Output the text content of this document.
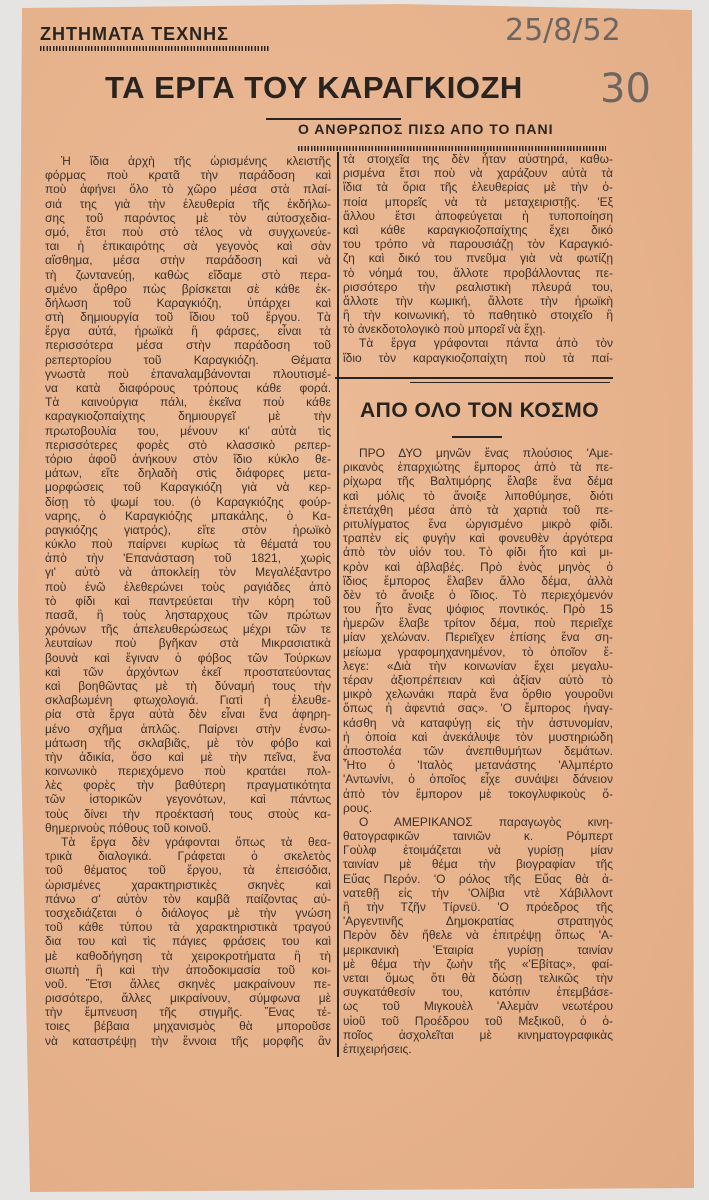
ΖΗΤΗΜΑΤΑ ΤΕΧΝΗΣ
ΤΑ ΕΡΓΑ ΤΟΥ ΚΑΡΑΓΚΙΟΖΗ
25/8/52
30
Ο ΑΝΘΡΩΠΟΣ ΠΙΣΩ ΑΠΟ ΤΟ ΠΑΝΙ
Ἡ ἴδια ἀρχὴ τῆς ὡρισμένης κλειστῆς
φόρμας ποὺ κρατᾶ τὴν παράδοση καὶ
ποὺ ἀφήνει ὅλο τὸ χῶρο μέσα στὰ πλαί-
σιά της γιὰ τὴν ἐλευθερία τῆς ἐκδήλω-
σης τοῦ παρόντος μὲ τὸν αὐτοσχεδια-
σμό, ἔτσι ποὺ στὸ τέλος νὰ συγχωνεύε-
ται ἡ ἐπικαιρότης σὰ γεγονὸς καὶ σὰν
αἴσθημα, μέσα στὴν παράδοση καὶ νὰ
τὴ ζωντανεύῃ, καθὼς εἴδαμε στὸ περα-
σμένο ἄρθρο πὼς βρίσκεται σὲ κάθε ἐκ-
δήλωση τοῦ Καραγκιόζη, ὑπάρχει καὶ
στὴ δημιουργία τοῦ ἴδιου τοῦ ἔργου. Τὰ
ἔργα αὐτά, ἡρωϊκὰ ἢ φάρσες, εἶναι τὰ
περισσότερα μέσα στὴν παράδοση τοῦ
ρεπερτορίου τοῦ Καραγκιόζη. Θέματα
γνωστὰ ποὺ ἐπαναλαμβάνονται πλουτισμέ-
να κατὰ διαφόρους τρόπους κάθε φορά.
Τὰ καινούργια πάλι, ἐκεῖνα ποὺ κάθε
καραγκιοζοπαίχτης δημιουργεῖ μὲ τὴν
πρωτοβουλία του, μένουν κι' αὐτὰ τὶς
περισσότερες φορὲς στὸ κλασσικὸ ρεπερ-
τόριο ἀφοῦ ἀνήκουν στὸν ἴδιο κύκλο θε-
μάτων, εἴτε δηλαδὴ στὶς διάφορες μετα-
μορφώσεις τοῦ Καραγκιόζη γιὰ νὰ κερ-
δίσῃ τὸ ψωμί του. (ὁ Καραγκιόζης φούρ-
ναρης, ὁ Καραγκιόζης μπακάλης, ὁ Κα-
ραγκιόζης γιατρός), εἴτε στὸν ἡρωϊκὸ
κύκλο ποὺ παίρνει κυρίως τὰ θέματά του
ἀπὸ τὴν 'Επανάσταση τοῦ 1821, χωρὶς
γι' αὐτὸ νὰ ἀποκλείῃ τὸν Μεγαλέξαντρο
ποὺ ἐνῶ ἐλεθερώνει τοὺς ραγιάδες ἀπὸ
τὸ φίδι καὶ παντρεύεται τὴν κόρη τοῦ
πασᾶ, ἢ τοὺς λησταρχους τῶν πρώτων
χρόνων τῆς ἀπελευθερώσεως μέχρι τῶν τε
λευταίων ποὺ βγῆκαν στὰ Μικρασιατικὰ
βουνὰ καὶ ἔγιναν ὁ φόβος τῶν Τούρκων
καὶ τῶν ἀρχόντων ἐκεῖ προστατεύοντας
καὶ βοηθῶντας μὲ τὴ δύναμή τους τὴν
σκλαβωμένη φτωχολογιά. Γιατὶ ἡ ἐλευθε-
ρία στὰ ἔργα αὐτὰ δὲν εἶναι ἕνα ἀφηρη-
μένο σχῆμα ἁπλῶς. Παίρνει στὴν ἐνσω-
μάτωση τῆς σκλαβιᾶς, μὲ τὸν φόβο καὶ
τὴν ἀδικία, ὅσο καὶ μὲ τὴν πεῖνα, ἕνα
κοινωνικὸ περιεχόμενο ποὺ κρατάει πολ-
λὲς φορὲς τὴν βαθύτερη πραγματικότητα
τῶν ἱστορικῶν γεγονότων, καὶ πάντως
τοὺς δίνει τὴν προέκτασή τους στοὺς κα-
θημερινοὺς πόθους τοῦ κοινοῦ.
Τὰ ἔργα δὲν γράφονται ὅπως τὰ θεα-
τρικὰ διαλογικά. Γράφεται ὁ σκελετὸς
τοῦ θέματος τοῦ ἔργου, τὰ ἐπεισόδια,
ὡρισμένες χαρακτηριστικὲς σκηνὲς καὶ
πάνω σ' αὐτὸν τὸν καμβᾶ παίζοντας αὐ-
τοσχεδιάζεται ὁ διάλογος μὲ τὴν γνώση
τοῦ κάθε τύπου τὰ χαρακτηριστικὰ τραγού
δια του καὶ τὶς πάγιες φράσεις του καὶ
μὲ καθοδήγηση τὰ χειροκροτήματα ἢ τὴ
σιωπὴ ἢ καὶ τὴν ἀποδοκιμασία τοῦ κοι-
νοῦ. Ἔτσι ἄλλες σκηνὲς μακραίνουν πε-
ρισσότερο, ἄλλες μικραίνουν, σύμφωνα μὲ
τὴν ἔμπνευση τῆς στιγμῆς. Ἕνας τέ-
τοιες βέβαια μηχανισμὸς θὰ μποροῦσε
νὰ καταστρέψῃ τὴν ἔννοια τῆς μορφῆς ἂν
τὰ στοιχεῖα της δὲν ἦταν αὐστηρά, καθω-
ρισμένα ἔτσι ποὺ νὰ χαράζουν αὐτὰ τὰ
ἴδια τὰ ὅρια τῆς ἐλευθερίας μὲ τὴν ὁ-
ποία μπορεῖς νὰ τὰ μεταχειριστῇς. 'Εξ
ἄλλου ἔτσι ἀποφεύγεται ἡ τυποποίηση
καὶ κάθε καραγκιοζοπαίχτης ἔχει δικό
του τρόπο νὰ παρουσιάζῃ τὸν Καραγκιό-
ζη καὶ δικό του πνεῦμα γιὰ νὰ φωτίζῃ
τὸ νόημά του, ἄλλοτε προβάλλοντας πε-
ρισσότερο τὴν ρεαλιστικὴ πλευρά του,
ἄλλοτε τὴν κωμική, ἄλλοτε τὴν ἡρωϊκὴ
ἢ τὴν κοινωνική, τὸ παθητικὸ στοιχεῖο ἢ
τὸ ἀνεκδοτολογικὸ ποὺ μπορεῖ νὰ ἔχῃ.
Τὰ ἔργα γράφονται πάντα ἀπὸ τὸν
ἴδιο τὸν καραγκιοζοπαίχτη ποὺ τὰ παί-
ΑΠΟ ΟΛΟ ΤΟΝ ΚΟΣΜΟ
ΠΡΟ ΔΥΟ μηνῶν ἕνας πλούσιος 'Αμε-
ρικανὸς ἐπαρχιώτης ἔμπορος ἀπὸ τὰ πε-
ρίχωρα τῆς Βαλτιμόρης ἔλαβε ἕνα δέμα
καὶ μόλις τὸ ἄνοιξε λιποθύμησε, διότι
ἐπετάχθη μέσα ἀπὸ τὰ χαρτιὰ τοῦ πε-
ριτυλίγματος ἕνα ὠργισμένο μικρὸ φίδι.
τραπὲν εἰς φυγὴν καὶ φονευθὲν ἀργότερα
ἀπὸ τὸν υἱόν του. Τὸ φίδι ἦτο καὶ μι-
κρὸν καὶ ἀβλαβές. Πρὸ ἑνὸς μηνὸς ὁ
ἴδιος ἔμπορος ἔλαβεν ἄλλο δέμα, ἀλλὰ
δὲν τὸ ἄνοιξε ὁ ἴδιος. Τὸ περιεχόμενόν
του ἦτο ἕνας ψόφιος ποντικός. Πρὸ 15
ἡμερῶν ἔλαβε τρίτον δέμα, ποὺ περιεῖχε
μίαν χελώναν. Περιεῖχεν ἐπίσης ἕνα ση-
μείωμα γραφομηχανημένον, τὸ ὁποῖον ἔ-
λεγε: «Διὰ τὴν κοινωνίαν ἔχει μεγαλυ-
τέραν ἀξιοπρέπειαν καὶ ἀξίαν αὐτὸ τὸ
μικρὸ χελωνάκι παρὰ ἕνα ὄρθιο γουροῦνι
ὅπως ἡ ἀφεντιά σας». 'Ο ἔμπορος ἠναγ-
κάσθη νὰ καταφύγῃ εἰς τὴν ἀστυνομίαν,
ἡ ὁποία καὶ ἀνεκάλυψε τὸν μυστηριώδη
ἀποστολέα τῶν ἀνεπιθυμήτων δεμάτων.
Ἦτο ὁ 'Ιταλὸς μετανάστης 'Αλμπέρτο
'Αντωνίνι, ὁ ὁποῖος εἶχε συνάψει δάνειον
ἀπὸ τὸν ἔμπορον μὲ τοκογλυφικοὺς ὅ-
ρους.
Ο ΑΜΕΡΙΚΑΝΟΣ παραγωγὸς κινη-
θατογραφικῶν ταινιῶν κ. Ρόμπερτ
Γοὺλφ ἑτοιμάζεται νὰ γυρίσῃ μίαν
ταινίαν μὲ θέμα τὴν βιογραφίαν τῆς
Εὔας Περόν. 'Ο ρόλος τῆς Εὔας θὰ ἀ-
νατεθῇ εἰς τὴν 'Ολίβια ντὲ Χάβιλλοντ
ἢ τὴν Τζῆν Τίρνεϋ. 'Ο πρόεδρος τῆς
'Αργεντινῆς Δημοκρατίας στρατηγὸς
Περὸν δὲν ἤθελε νὰ ἐπιτρέψῃ ὅπως 'Α-
μερικανικὴ 'Εταιρία γυρίσῃ ταινίαν
μὲ θέμα τὴν ζωὴν τῆς «'Εβίτας», φαί-
νεται ὅμως ὅτι θὰ δώσῃ τελικῶς τὴν
συγκατάθεσίν του, κατόπιν ἐπεμβάσε-
ως τοῦ Μιγκουὲλ 'Αλεμὰν νεωτέρου
υἱοῦ τοῦ Προέδρου τοῦ Μεξικοῦ, ὁ ὁ-
ποῖος ἀσχολεῖται μὲ κινηματογραφικὰς
ἐπιχειρήσεις.
